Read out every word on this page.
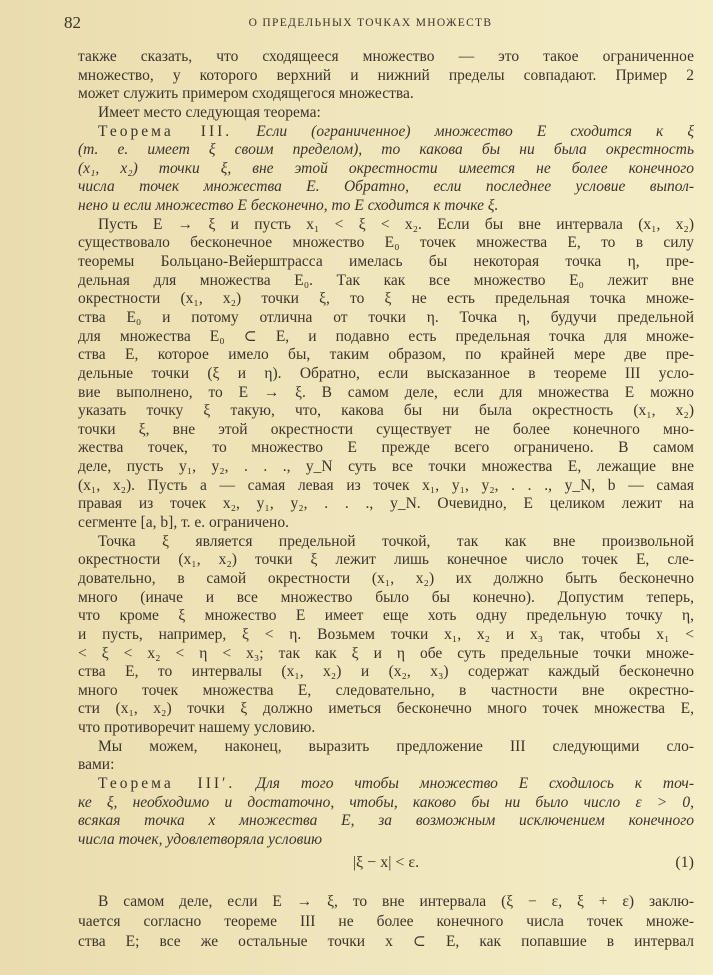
82	О ПРЕДЕЛЬНЫХ ТОЧКАХ МНОЖЕСТВ
также сказать, что сходящееся множество — это такое ограниченное
множество, у которого верхний и нижний пределы совпадают. Пример 2
может служить примером сходящегося множества.
Имеет место следующая теорема:
Теорема III. Если (ограниченное) множество E сходится к ξ
(т. е. имеет ξ своим пределом), то какова бы ни была окрестность
(x₁, x₂) точки ξ, вне этой окрестности имеется не более конечного
числа точек множества E. Обратно, если последнее условие выпол-
нено и если множество E бесконечно, то E сходится к точке ξ.
Пусть E → ξ и пусть x₁ < ξ < x₂. Если бы вне интервала (x₁, x₂)
существовало бесконечное множество E₀ точек множества E, то в силу
теоремы Больцано-Вейерштрасса имелась бы некоторая точка η, пре-
дельная для множества E₀. Так как все множество E₀ лежит вне
окрестности (x₁, x₂) точки ξ, то ξ не есть предельная точка множе-
ства E₀ и потому отлична от точки η. Точка η, будучи предельной
для множества E₀ ⊂ E, и подавно есть предельная точка для множе-
ства E, которое имело бы, таким образом, по крайней мере две пре-
дельные точки (ξ и η). Обратно, если высказанное в теореме III усло-
вие выполнено, то E → ξ. В самом деле, если для множества E можно
указать точку ξ такую, что, какова бы ни была окрестность (x₁, x₂)
точки ξ, вне этой окрестности существует не более конечного мно-
жества точек, то множество E прежде всего ограничено. В самом
деле, пусть y₁, y₂, . . ., y_N суть все точки множества E, лежащие вне
(x₁, x₂). Пусть a — самая левая из точек x₁, y₁, y₂, . . ., y_N, b — самая
правая из точек x₂, y₁, y₂, . . ., y_N. Очевидно, E целиком лежит на
сегменте [a, b], т. е. ограничено.
Точка ξ является предельной точкой, так как вне произвольной
окрестности (x₁, x₂) точки ξ лежит лишь конечное число точек E, сле-
довательно, в самой окрестности (x₁, x₂) их должно быть бесконечно
много (иначе и все множество было бы конечно). Допустим теперь,
что кроме ξ множество E имеет еще хоть одну предельную точку η,
и пусть, например, ξ < η. Возьмем точки x₁, x₂ и x₃ так, чтобы x₁ <
< ξ < x₂ < η < x₃; так как ξ и η обе суть предельные точки множе-
ства E, то интервалы (x₁, x₂) и (x₂, x₃) содержат каждый бесконечно
много точек множества E, следовательно, в частности вне окрестно-
сти (x₁, x₂) точки ξ должно иметься бесконечно много точек множества E,
что противоречит нашему условию.
Мы можем, наконец, выразить предложение III следующими сло-
вами:
Теорема III′. Для того чтобы множество E сходилось к точ-
ке ξ, необходимо и достаточно, чтобы, каково бы ни было число ε > 0,
всякая точка x множества E, за возможным исключением конечного
числа точек, удовлетворяла условию
|ξ − x| < ε.	(1)
В самом деле, если E → ξ, то вне интервала (ξ − ε, ξ + ε) заклю-
чается согласно теореме III не более конечного числа точек множе-
ства E; все же остальные точки x ⊂ E, как попавшие в интервал
